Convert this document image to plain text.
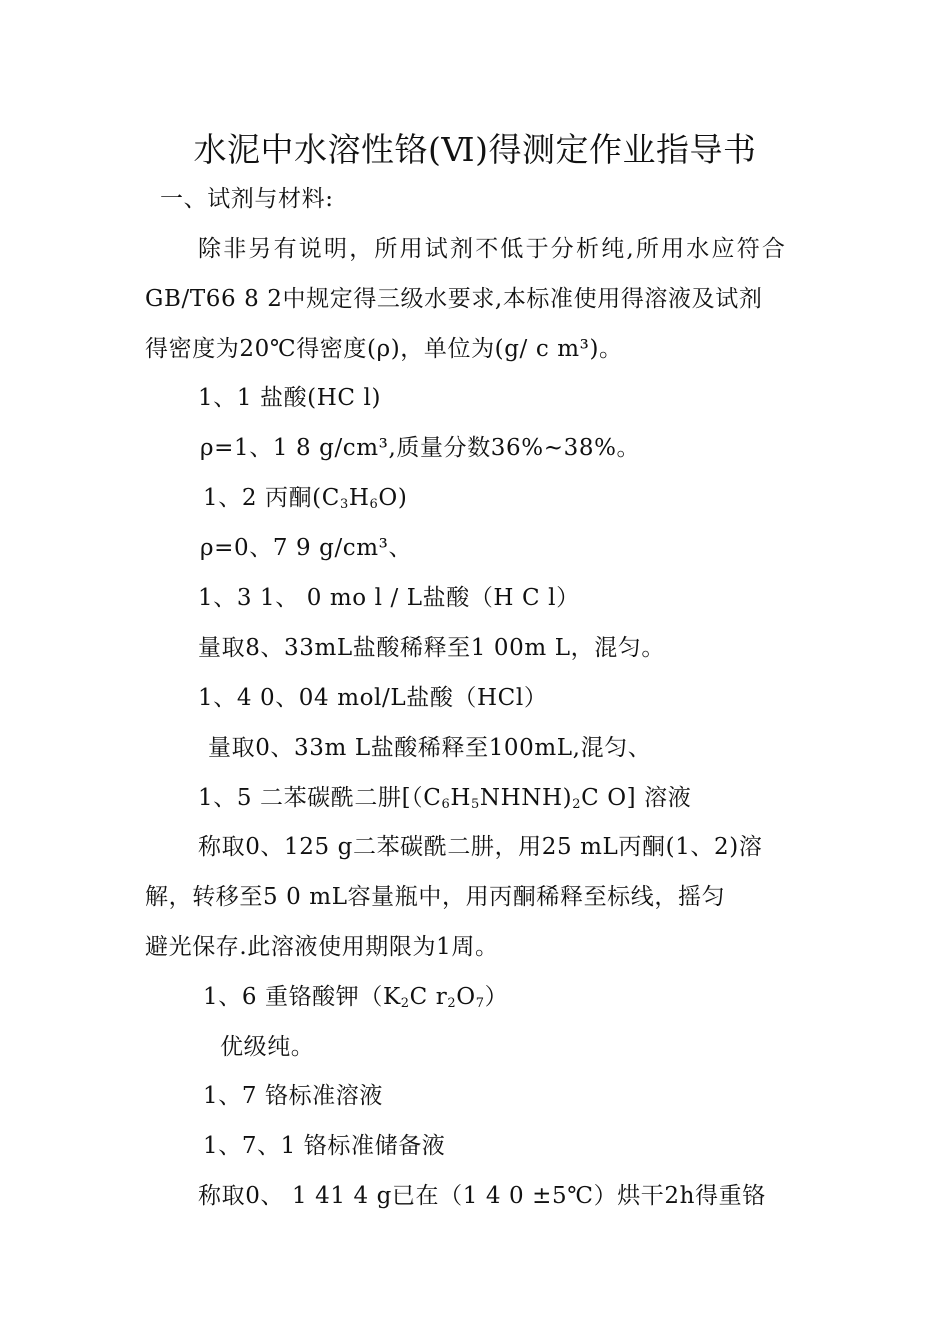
水泥中水溶性铬(Ⅵ)得测定作业指导书
一、试剂与材料:
除非另有说明，所用试剂不低于分析纯,所用水应符合
GB/T66 8 2中规定得三级水要求,本标准使用得溶液及试剂
得密度为20℃得密度(ρ)，单位为(g/ c m³)。
1、1 盐酸(HC l)
ρ=1、1 8 g/cm³,质量分数36%~38%。
1、2 丙酮$(C_3H_6O)$
ρ=0、7 9 g/cm³、
1、3 1、 0 mo l / L盐酸（H C l）
量取8、33mL盐酸稀释至1 00m L，混匀。
1、4 0、04 mol/L盐酸（HCl）
量取0、33m L盐酸稀释至100mL,混匀、
1、5 二苯碳酰二肼[$(C_6H_5NHNH)_2C$ O] 溶液
称取0、125 g二苯碳酰二肼，用25 mL丙酮(1、2)溶
解，转移至5 0 mL容量瓶中，用丙酮稀释至标线，摇匀
避光保存.此溶液使用期限为1周。
1、6 重铬酸钾（$K_2C$ $r_2O_7$）
优级纯。
1、7 铬标准溶液
1、7、1 铬标准储备液
称取0、 1 41 4 g已在（1 4 0 ±5℃）烘干2h得重铬
